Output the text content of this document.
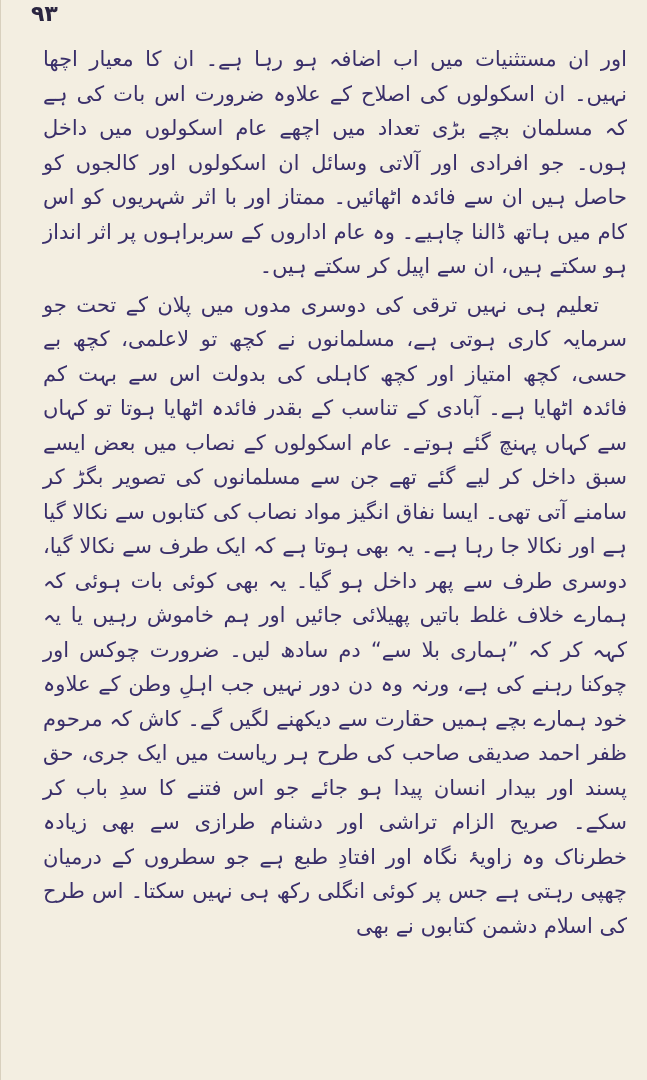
۹۳

اور ان مستثنیات میں اب اضافہ ہو رہا ہے۔ ان کا معیار اچھا نہیں۔ ان اسکولوں کی اصلاح کے علاوہ ضرورت اس بات کی ہے کہ مسلمان بچے بڑی تعداد میں اچھے عام اسکولوں میں داخل ہوں۔ جو افرادی اور آلاتی وسائل ان اسکولوں اور کالجوں کو حاصل ہیں ان سے فائدہ اٹھائیں۔ ممتاز اور با اثر شہریوں کو اس کام میں ہاتھ ڈالنا چاہیے۔ وہ عام اداروں کے سربراہوں پر اثر انداز ہو سکتے ہیں، ان سے اپیل کر سکتے ہیں۔

تعلیم ہی نہیں ترقی کی دوسری مدوں میں پلان کے تحت جو سرمایہ کاری ہوتی ہے، مسلمانوں نے کچھ تو لاعلمی، کچھ بے حسی، کچھ امتیاز اور کچھ کاہلی کی بدولت اس سے بہت کم فائدہ اٹھایا ہے۔ آبادی کے تناسب کے بقدر فائدہ اٹھایا ہوتا تو کہاں سے کہاں پہنچ گئے ہوتے۔ عام اسکولوں کے نصاب میں بعض ایسے سبق داخل کر لیے گئے تھے جن سے مسلمانوں کی تصویر بگڑ کر سامنے آتی تھی۔ ایسا نفاق انگیز مواد نصاب کی کتابوں سے نکالا گیا ہے اور نکالا جا رہا ہے۔ یہ بھی ہوتا ہے کہ ایک طرف سے نکالا گیا، دوسری طرف سے پھر داخل ہو گیا۔ یہ بھی کوئی بات ہوئی کہ ہمارے خلاف غلط باتیں پھیلائی جائیں اور ہم خاموش رہیں یا یہ کہہ کر کہ ”ہماری بلا سے“ دم سادھ لیں۔ ضرورت چوکس اور چوکنا رہنے کی ہے، ورنہ وہ دن دور نہیں جب اہلِ وطن کے علاوہ خود ہمارے بچے ہمیں حقارت سے دیکھنے لگیں گے۔ کاش کہ مرحوم ظفر احمد صدیقی صاحب کی طرح ہر ریاست میں ایک جری، حق پسند اور بیدار انسان پیدا ہو جائے جو اس فتنے کا سدِ باب کر سکے۔ صریح الزام تراشی اور دشنام طرازی سے بھی زیادہ خطرناک وہ زاویۂ نگاہ اور افتادِ طبع ہے جو سطروں کے درمیان چھپی رہتی ہے جس پر کوئی انگلی رکھ ہی نہیں سکتا۔ اس طرح کی اسلام دشمن کتابوں نے بھی
